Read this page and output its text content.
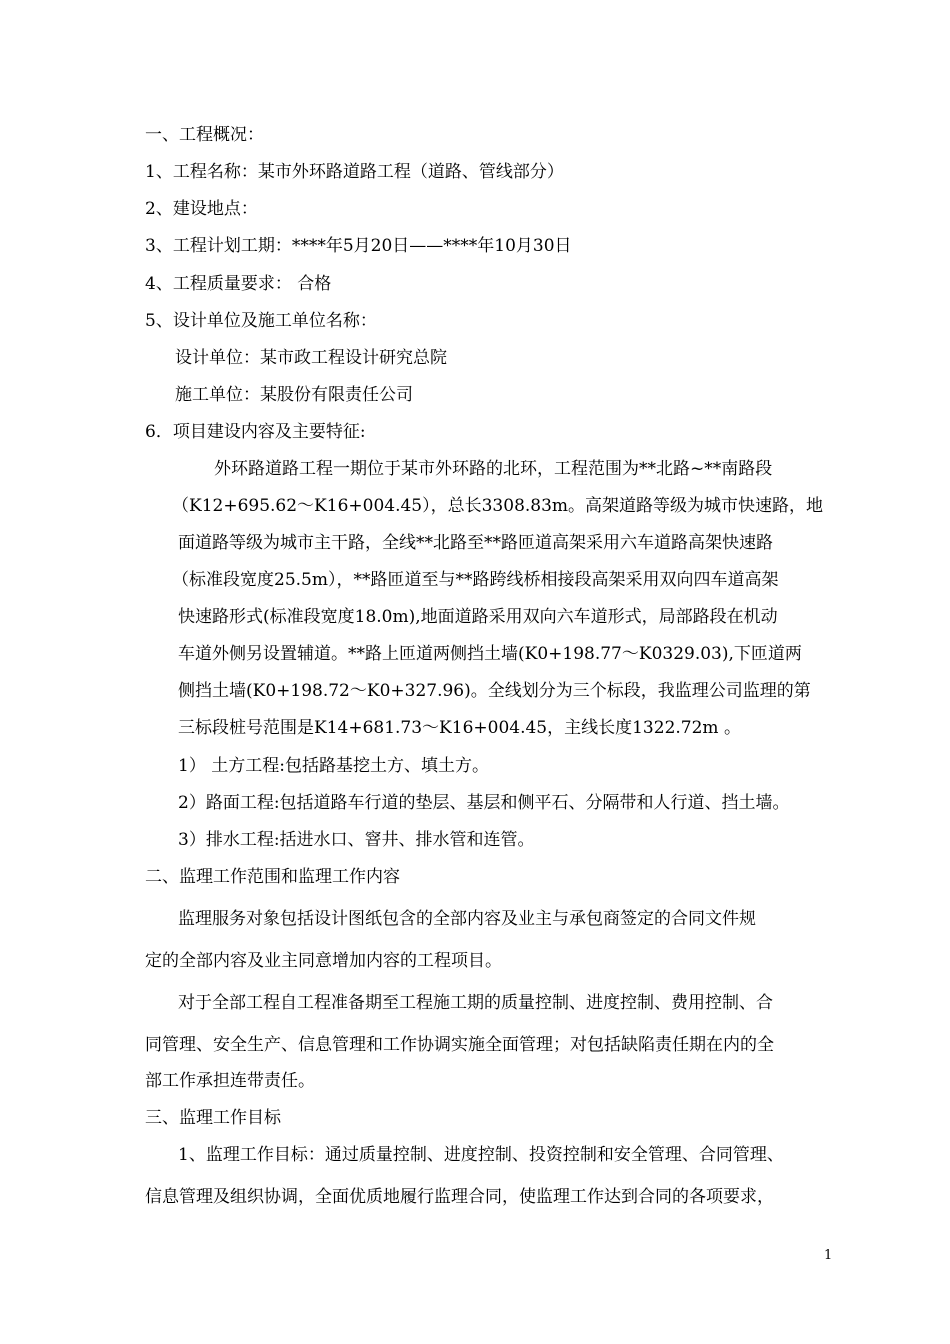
一、工程概况：
1、工程名称：某市外环路道路工程（道路、管线部分）
2、建设地点：
3、工程计划工期：****年5月20日——****年10月30日
4、工程质量要求： 合格
5、设计单位及施工单位名称：
设计单位：某市政工程设计研究总院
施工单位：某股份有限责任公司
6．项目建设内容及主要特征:
外环路道路工程一期位于某市外环路的北环，工程范围为**北路~**南路段
（K12+695.62～K16+004.45），总长3308.83m。高架道路等级为城市快速路，地
面道路等级为城市主干路，全线**北路至**路匝道高架采用六车道路高架快速路
（标准段宽度25.5m），**路匝道至与**路跨线桥相接段高架采用双向四车道高架
快速路形式(标准段宽度18.0m),地面道路采用双向六车道形式，局部路段在机动
车道外侧另设置辅道。**路上匝道两侧挡土墙(K0+198.77～K0329.03),下匝道两
侧挡土墙(K0+198.72～K0+327.96)。全线划分为三个标段，我监理公司监理的第
三标段桩号范围是K14+681.73～K16+004.45，主线长度1322.72m 。
1） 土方工程:包括路基挖土方、填土方。
2）路面工程:包括道路车行道的垫层、基层和侧平石、分隔带和人行道、挡土墙。
3）排水工程:括进水口、窨井、排水管和连管。
二、监理工作范围和监理工作内容
监理服务对象包括设计图纸包含的全部内容及业主与承包商签定的合同文件规
定的全部内容及业主同意增加内容的工程项目。
对于全部工程自工程准备期至工程施工期的质量控制、进度控制、费用控制、合
同管理、安全生产、信息管理和工作协调实施全面管理；对包括缺陷责任期在内的全
部工作承担连带责任。
三、监理工作目标
1、监理工作目标：通过质量控制、进度控制、投资控制和安全管理、合同管理、
信息管理及组织协调，全面优质地履行监理合同，使监理工作达到合同的各项要求，
1
